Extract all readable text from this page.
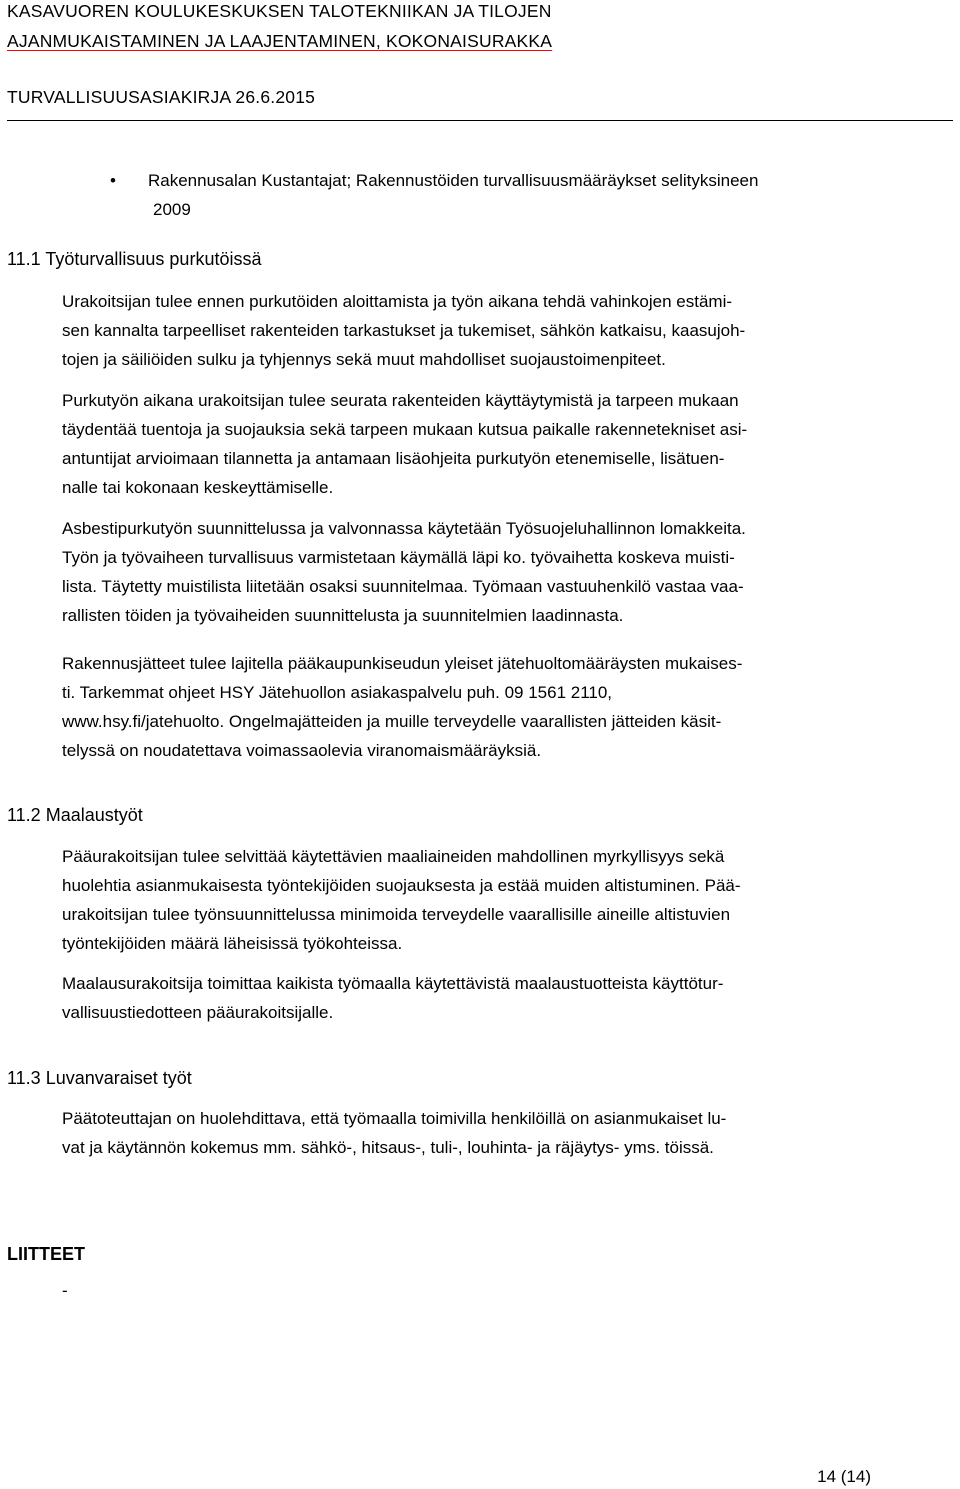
KASAVUOREN KOULUKESKUKSEN TALOTEKNIIKAN JA TILOJEN
AJANMUKAISTAMINEN JA LAAJENTAMINEN, KOKONAISURAKKA
TURVALLISUUSASIAKIRJA 26.6.2015
•	Rakennusalan Kustantajat; Rakennustöiden turvallisuusmääräykset selityksineen
2009
11.1 Työturvallisuus purkutöissä

Urakoitsijan tulee ennen purkutöiden aloittamista ja työn aikana tehdä vahinkojen estämi-
sen kannalta tarpeelliset rakenteiden tarkastukset ja tukemiset, sähkön katkaisu, kaasujoh-
tojen ja säiliöiden sulku ja tyhjennys sekä muut mahdolliset suojaustoimenpiteet.

Purkutyön aikana urakoitsijan tulee seurata rakenteiden käyttäytymistä ja tarpeen mukaan
täydentää tuentoja ja suojauksia sekä tarpeen mukaan kutsua paikalle rakennetekniset asi-
antuntijat arvioimaan tilannetta ja antamaan lisäohjeita purkutyön etenemiselle, lisätuen-
nalle tai kokonaan keskeyttämiselle.

Asbestipurkutyön suunnittelussa ja valvonnassa käytetään Työsuojeluhallinnon lomakkeita.
Työn ja työvaiheen turvallisuus varmistetaan käymällä läpi ko. työvaihetta koskeva muisti-
lista. Täytetty muistilista liitetään osaksi suunnitelmaa. Työmaan vastuuhenkilö vastaa vaa-
rallisten töiden ja työvaiheiden suunnittelusta ja suunnitelmien laadinnasta.

Rakennusjätteet tulee lajitella pääkaupunkiseudun yleiset jätehuoltomääräysten mukaises-
ti. Tarkemmat ohjeet HSY Jätehuollon asiakaspalvelu puh. 09 1561 2110,
www.hsy.fi/jatehuolto. Ongelmajätteiden ja muille terveydelle vaarallisten jätteiden käsit-
telyssä on noudatettava voimassaolevia viranomaismääräyksiä.

11.2 Maalaustyöt

Pääurakoitsijan tulee selvittää käytettävien maaliaineiden mahdollinen myrkyllisyys sekä
huolehtia asianmukaisesta työntekijöiden suojauksesta ja estää muiden altistuminen. Pää-
urakoitsijan tulee työnsuunnittelussa minimoida terveydelle vaarallisille aineille altistuvien
työntekijöiden määrä läheisissä työkohteissa.

Maalausurakoitsija toimittaa kaikista työmaalla käytettävistä maalaustuotteista käyttötur-
vallisuustiedotteen pääurakoitsijalle.

11.3 Luvanvaraiset työt

Päätoteuttajan on huolehdittava, että työmaalla toimivilla henkilöillä on asianmukaiset lu-
vat ja käytännön kokemus mm. sähkö-, hitsaus-, tuli-, louhinta- ja räjäytys- yms. töissä.

LIITTEET
-
14 (14)
